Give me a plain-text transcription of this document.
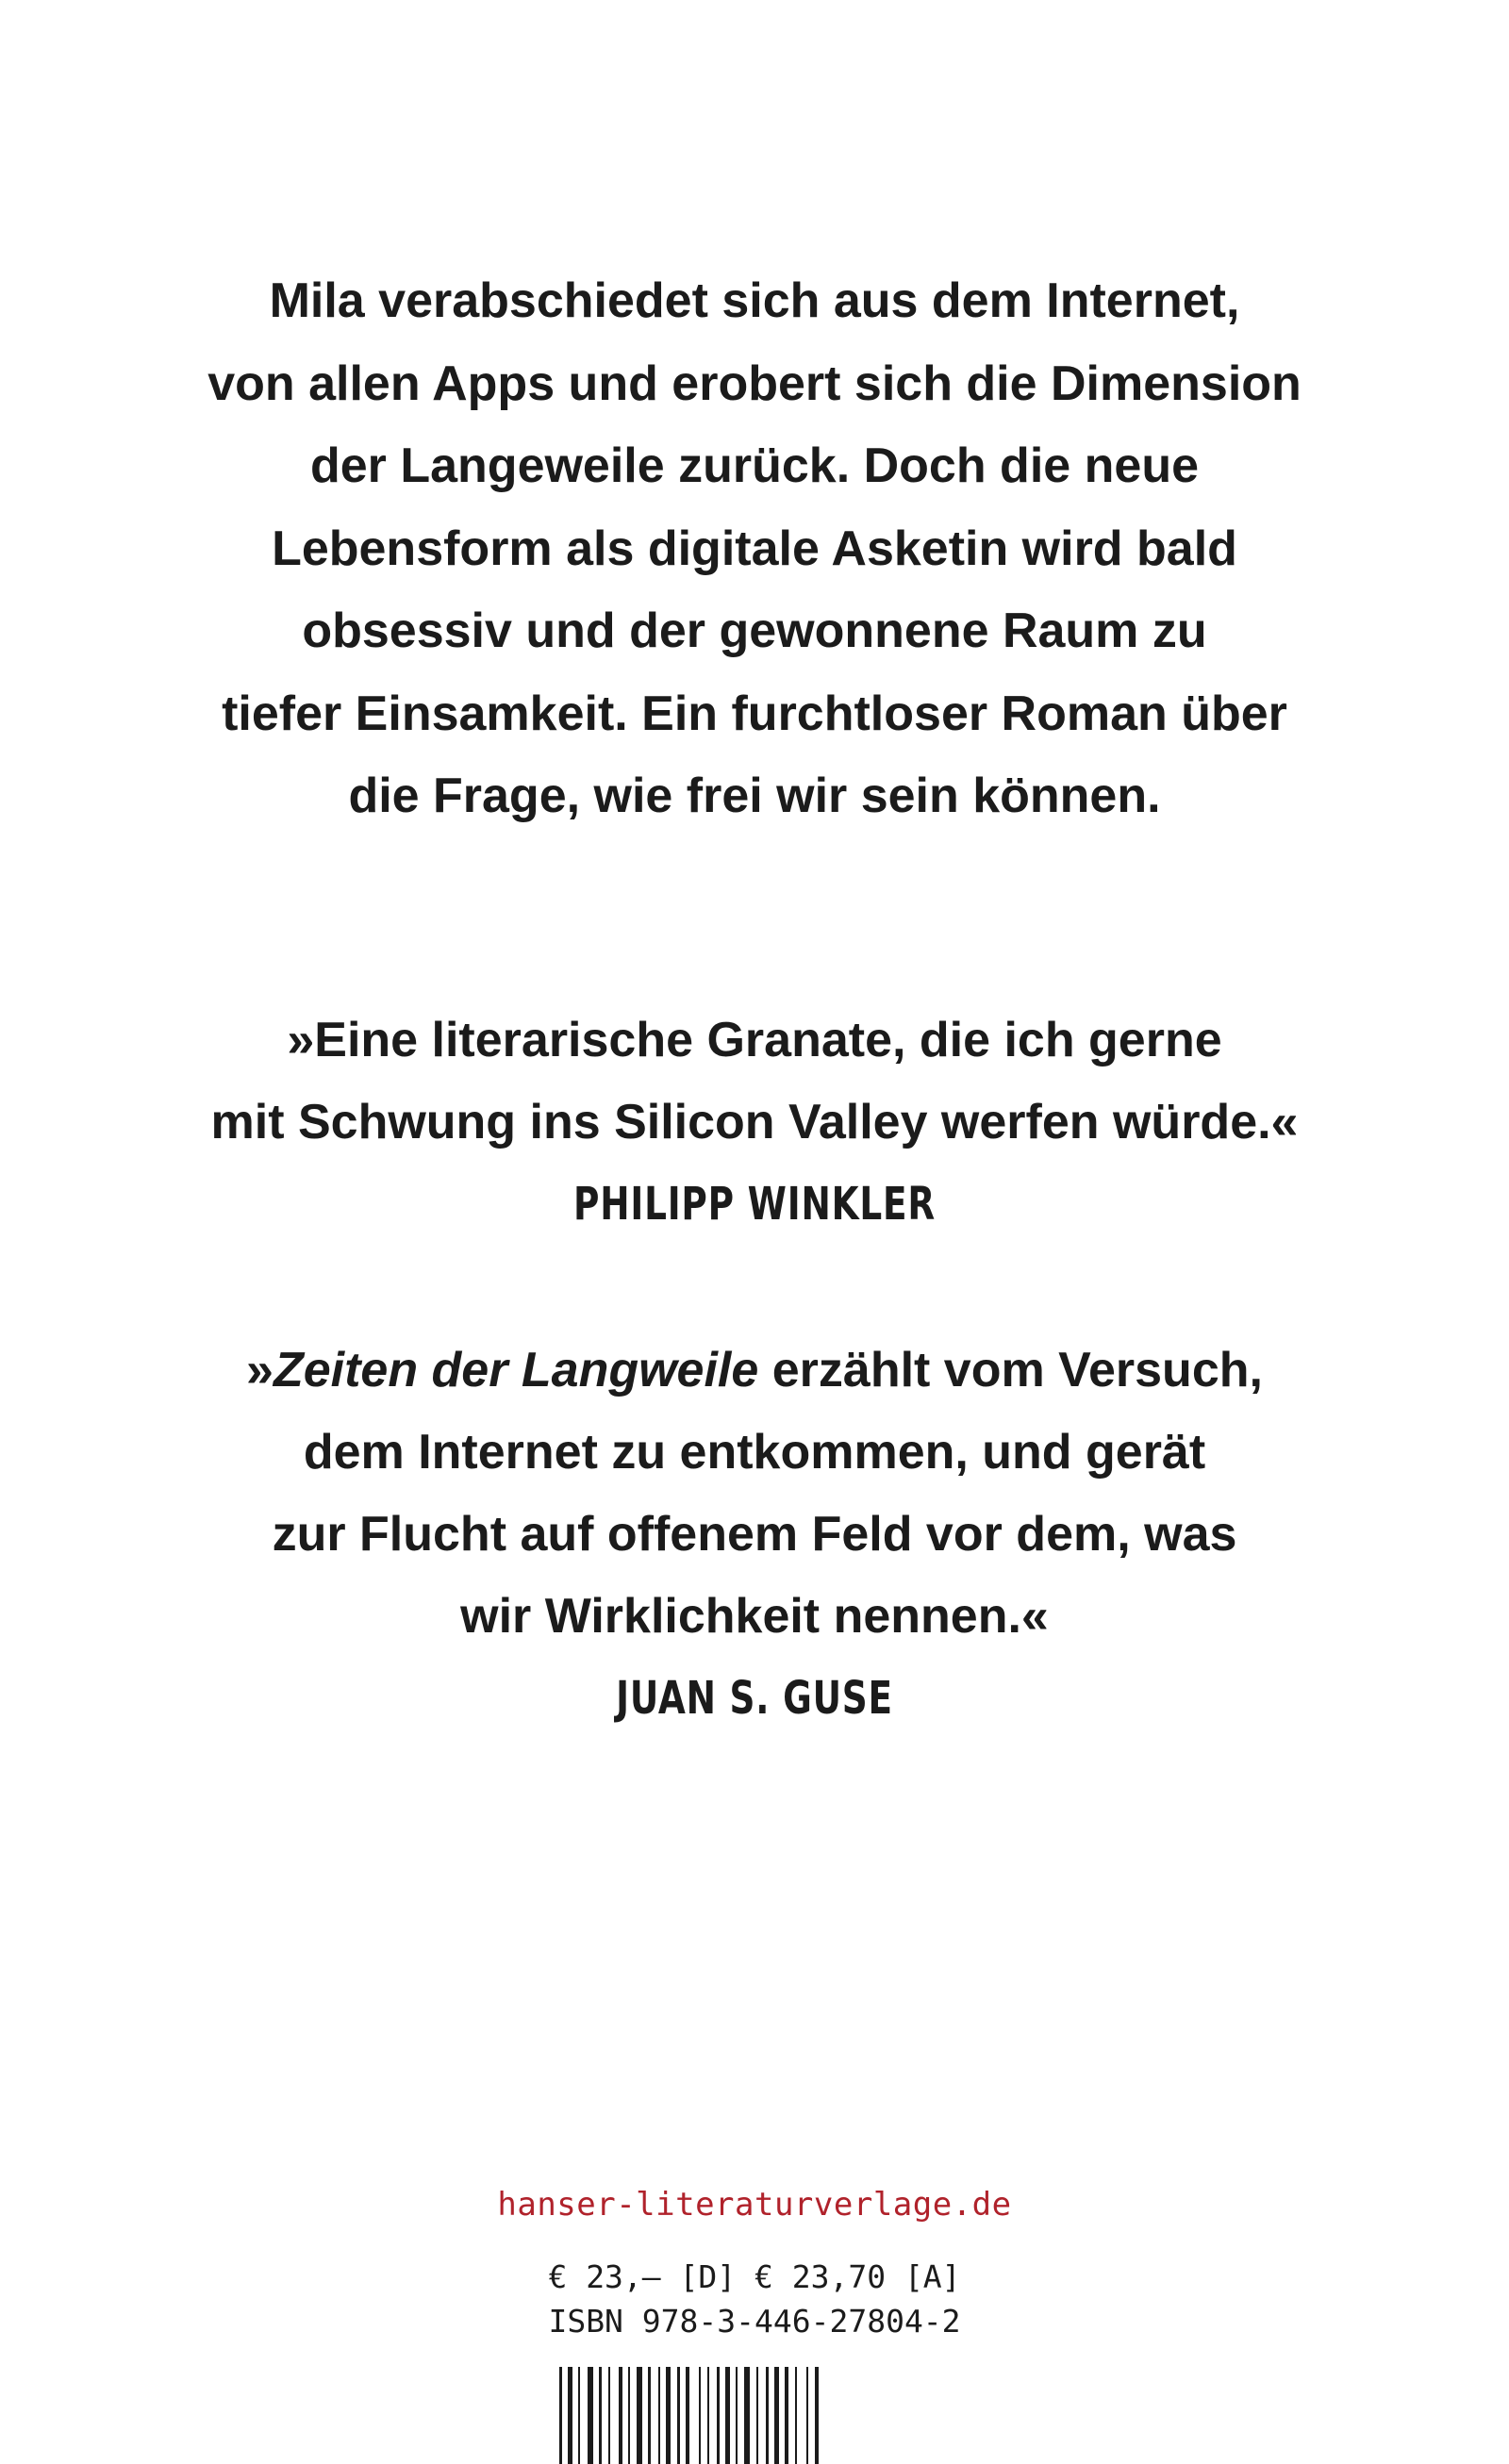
Mila verabschiedet sich aus dem Internet,
von allen Apps und erobert sich die Dimension
der Langeweile zurück. Doch die neue
Lebensform als digitale Asketin wird bald
obsessiv und der gewonnene Raum zu
tiefer Einsamkeit. Ein furchtloser Roman über
die Frage, wie frei wir sein können.
»Eine literarische Granate, die ich gerne
mit Schwung ins Silicon Valley werfen würde.«
PHILIPP WINKLER
»Zeiten der Langweile erzählt vom Versuch,
dem Internet zu entkommen, und gerät
zur Flucht auf offenem Feld vor dem, was
wir Wirklichkeit nennen.«
JUAN S. GUSE
hanser-literaturverlage.de
€ 23,– [D] € 23,70 [A]
ISBN 978-3-446-27804-2
